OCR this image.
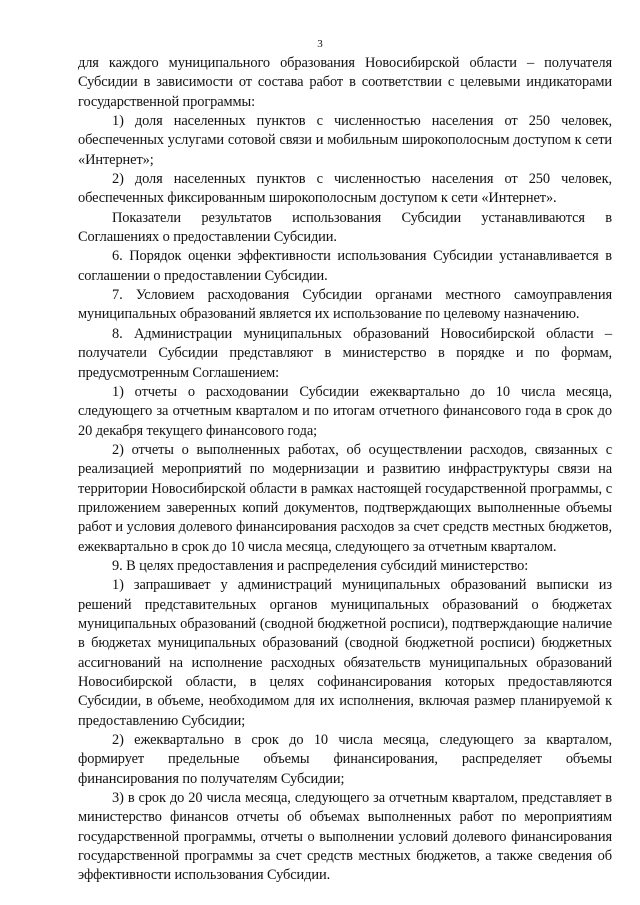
3

для каждого муниципального образования Новосибирской области – получателя Субсидии в зависимости от состава работ в соответствии с целевыми индикаторами государственной программы:

1) доля населенных пунктов с численностью населения от 250 человек, обеспеченных услугами сотовой связи и мобильным широкополосным доступом к сети «Интернет»;

2) доля населенных пунктов с численностью населения от 250 человек, обеспеченных фиксированным широкополосным доступом к сети «Интернет».

Показатели результатов использования Субсидии устанавливаются в Соглашениях о предоставлении Субсидии.

6. Порядок оценки эффективности использования Субсидии устанавливается в соглашении о предоставлении Субсидии.

7. Условием расходования Субсидии органами местного самоуправления муниципальных образований является их использование по целевому назначению.

8. Администрации муниципальных образований Новосибирской области – получатели Субсидии представляют в министерство в порядке и по формам, предусмотренным Соглашением:

1) отчеты о расходовании Субсидии ежеквартально до 10 числа месяца, следующего за отчетным кварталом и по итогам отчетного финансового года в срок до 20 декабря текущего финансового года;

2) отчеты о выполненных работах, об осуществлении расходов, связанных с реализацией мероприятий по модернизации и развитию инфраструктуры связи на территории Новосибирской области в рамках настоящей государственной программы, с приложением заверенных копий документов, подтверждающих выполненные объемы работ и условия долевого финансирования расходов за счет средств местных бюджетов, ежеквартально в срок до 10 числа месяца, следующего за отчетным кварталом.

9. В целях предоставления и распределения субсидий министерство:

1) запрашивает у администраций муниципальных образований выписки из решений представительных органов муниципальных образований о бюджетах муниципальных образований (сводной бюджетной росписи), подтверждающие наличие в бюджетах муниципальных образований (сводной бюджетной росписи) бюджетных ассигнований на исполнение расходных обязательств муниципальных образований Новосибирской области, в целях софинансирования которых предоставляются Субсидии, в объеме, необходимом для их исполнения, включая размер планируемой к предоставлению Субсидии;

2) ежеквартально в срок до 10 числа месяца, следующего за кварталом, формирует предельные объемы финансирования, распределяет объемы финансирования по получателям Субсидии;

3) в срок до 20 числа месяца, следующего за отчетным кварталом, представляет в министерство финансов отчеты об объемах выполненных работ по мероприятиям государственной программы, отчеты о выполнении условий долевого финансирования государственной программы за счет средств местных бюджетов, а также сведения об эффективности использования Субсидии.
